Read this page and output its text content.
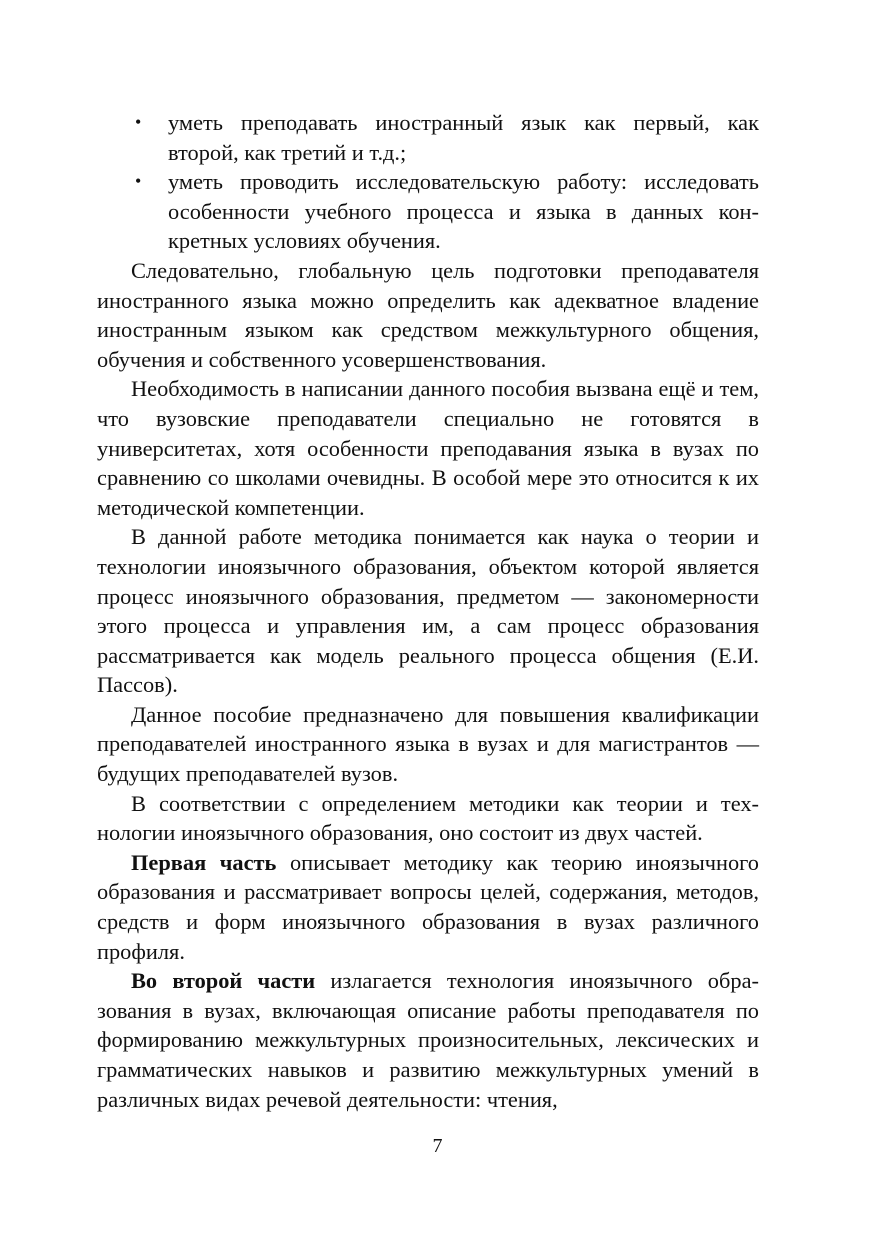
• уметь преподавать иностранный язык как первый, как второй, как третий и т.д.;
• уметь проводить исследовательскую работу: исследовать особенности учебного процесса и языка в данных конкретных условиях обучения.

Следовательно, глобальную цель подготовки преподавателя иностранного языка можно определить как адекватное владение иностранным языком как средством межкультурного общения, обучения и собственного усовершенствования.

Необходимость в написании данного пособия вызвана ещё и тем, что вузовские преподаватели специально не готовятся в университетах, хотя особенности преподавания языка в вузах по сравнению со школами очевидны. В особой мере это относится к их методической компетенции.

В данной работе методика понимается как наука о теории и технологии иноязычного образования, объектом которой является процесс иноязычного образования, предметом — закономерности этого процесса и управления им, а сам процесс образования рассматривается как модель реального процесса общения (Е.И. Пассов).

Данное пособие предназначено для повышения квалификации преподавателей иностранного языка в вузах и для магистрантов — будущих преподавателей вузов.

В соответствии с определением методики как теории и технологии иноязычного образования, оно состоит из двух частей.

Первая часть описывает методику как теорию иноязычного образования и рассматривает вопросы целей, содержания, методов, средств и форм иноязычного образования в вузах различного профиля.

Во второй части излагается технология иноязычного образования в вузах, включающая описание работы преподавателя по формированию межкультурных произносительных, лексических и грамматических навыков и развитию межкультурных умений в различных видах речевой деятельности: чтения,

7
